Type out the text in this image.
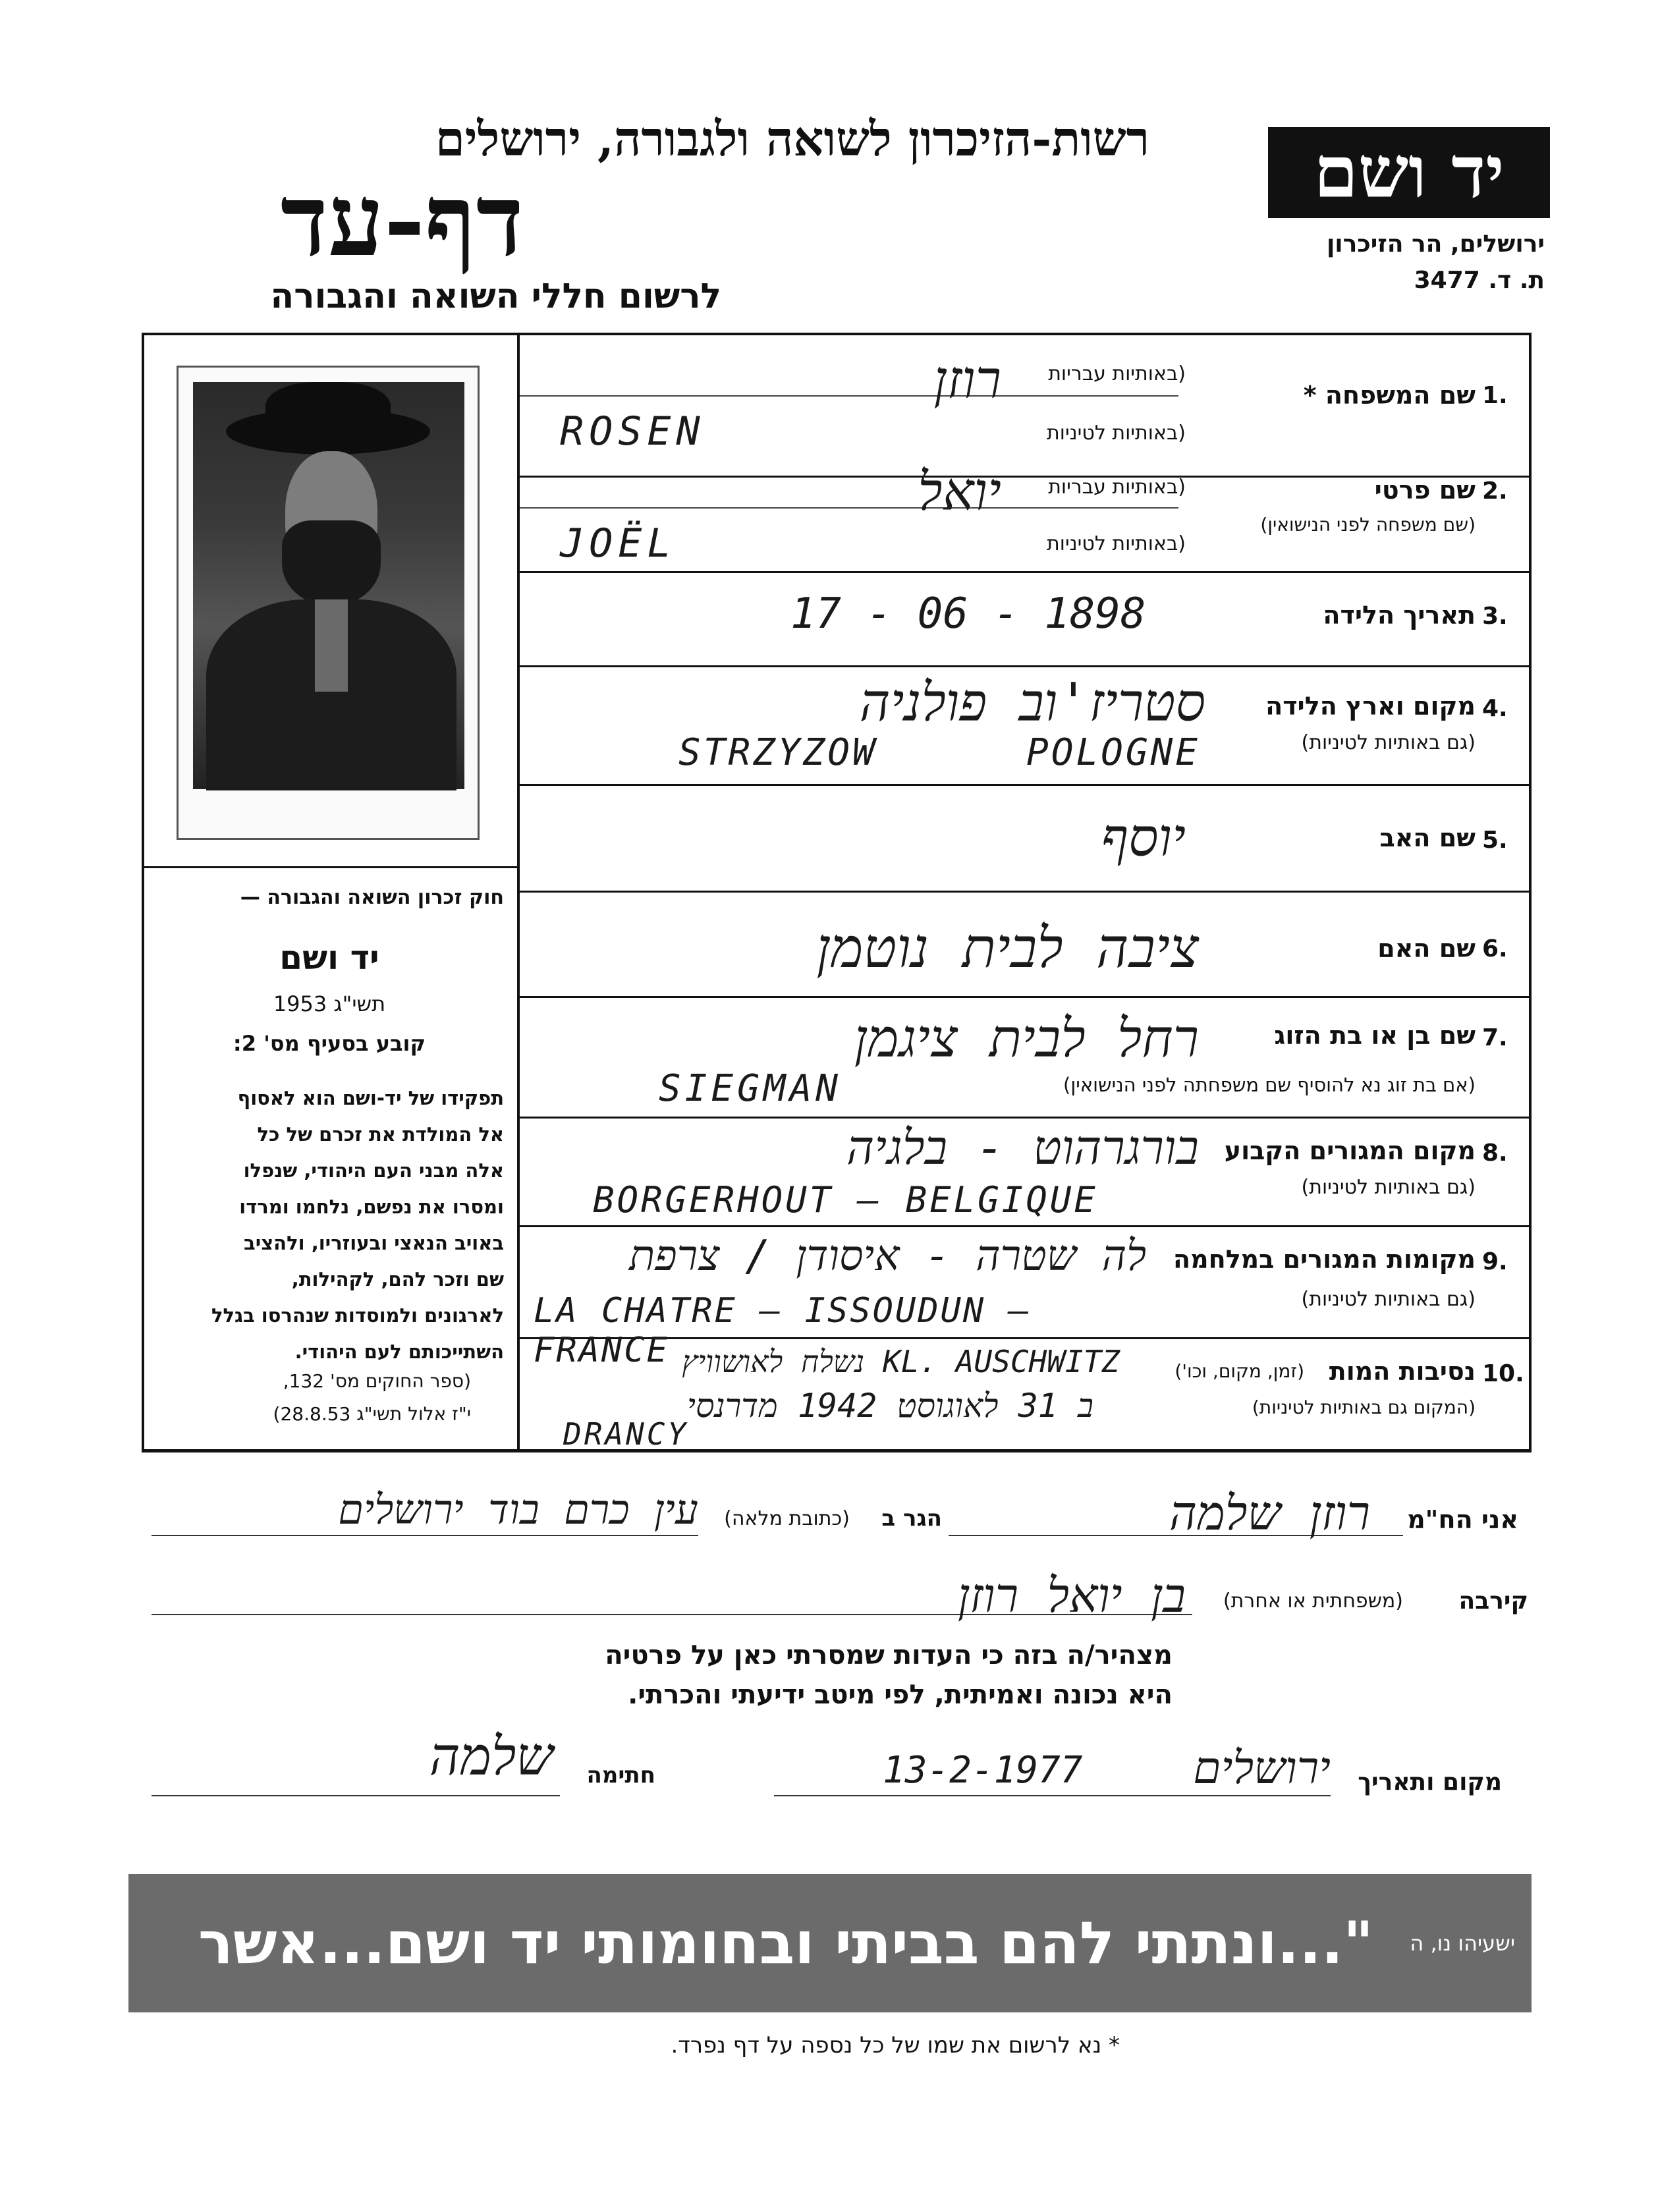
רשות-הזיכרון לשואה ולגבורה, ירושלים
דף-עד
לרשום חללי השואה והגבורה
יד ושם
ירושלים, הר הזיכרון
ת. ד. 3477
חוק זכרון השואה והגבורה —
יד ושם
תשי"ג 1953
קובע בסעיף מס' 2:
תפקידו של יד-ושם הוא לאסוף
אל המולדת את זכרם של כל
אלה מבני העם היהודי, שנפלו
ומסרו את נפשם, נלחמו ומרדו
באויב הנאצי ובעוזריו, ולהציב
שם וזכר להם, לקהילות,
לארגונים ולמוסדות שנהרסו בגלל
השתייכותם לעם היהודי.
(ספר החוקים מס' 132,
י"ז אלול תשי"ג 28.8.53)
1.
שם המשפחה *
(באותיות עבריות
(באותיות לטיניות
רוזן
ROSEN
2.
שם פרטי
(שם משפחה לפני הנישואין)
(באותיות עבריות
(באותיות לטיניות
יואל
JOËL
3.
תאריך הלידה
17 - 06 - 1898
4.
מקום וארץ הלידה
(גם באותיות לטיניות)
סטריז'וב פולניה
STRZYZOW      POLOGNE
5.
שם האב
יוסף
6.
שם האם
ציבה לבית נוטמן
7.
שם בן או בת הזוג
(אם בת זוג נא להוסיף שם משפחתה לפני הנישואין)
רחל לבית ציגמן
SIEGMAN
8.
מקום המגורים הקבוע
(גם באותיות לטיניות)
בורגרהוט - בלגיה
BORGERHOUT – BELGIQUE
9.
מקומות המגורים במלחמה
(גם באותיות לטיניות)
לה שטרה - איסודן / צרפת
LA CHATRE – ISSOUDUN – FRANCE
10.
נסיבות המות
(זמן, מקום, וכו')
(המקום גם באותיות לטיניות)
KL. AUSCHWITZ נשלח לאושוויץ
ב 31 לאוגוסט 1942 מדרנסי
DRANCY
אני הח"מ
רוזן שלמה
הגר ב
(כתובת מלאה)
עין כרם בוד ירושלים
קירבה
(משפחתית או אחרת)
בן יואל רוזן
מצהיר/ה בזה כי העדות שמסרתי כאן על פרטיה
היא נכונה ואמיתית, לפי מיטב ידיעתי והכרתי.
מקום ותאריך
ירושלים
13-2-1977
חתימה
שלמה
ישעיהו נו, ה
"...ונתתי להם בביתי ובחומותי יד ושם...אשר לא יכרת"
* נא לרשום את שמו של כל נספה על דף נפרד.
